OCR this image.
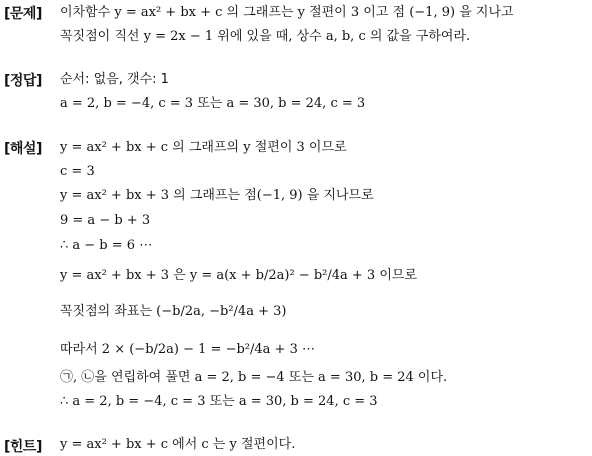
[문제] 이차함수 y = ax² + bx + c 의 그래프는 y 절편이 3 이고 점 (−1, 9) 을 지나고
꼭짓점이 직선 y = 2x − 1 위에 있을 때, 상수 a, b, c 의 값을 구하여라.
[정답] 순서: 없음, 갯수: 1
a = 2, b = −4, c = 3 또는 a = 30, b = 24, c = 3
[해설] y = ax² + bx + c 의 그래프의 y 절편이 3 이므로
c = 3
y = ax² + bx + 3 의 그래프는 점(−1, 9) 을 지나므로
9 = a − b + 3
∴ a − b = 6 ⋯
y = ax² + bx + 3 은 y = a(x + b/2a)² − b²/4a + 3 이므로
꼭짓점의 좌표는 (−b/2a, −b²/4a + 3)
따라서 2 × (−b/2a) − 1 = −b²/4a + 3 ⋯
㉠, ㉡을 연립하여 풀면 a = 2, b = −4 또는 a = 30, b = 24 이다.
∴ a = 2, b = −4, c = 3 또는 a = 30, b = 24, c = 3
[힌트] y = ax² + bx + c 에서 c 는 y 절편이다.
